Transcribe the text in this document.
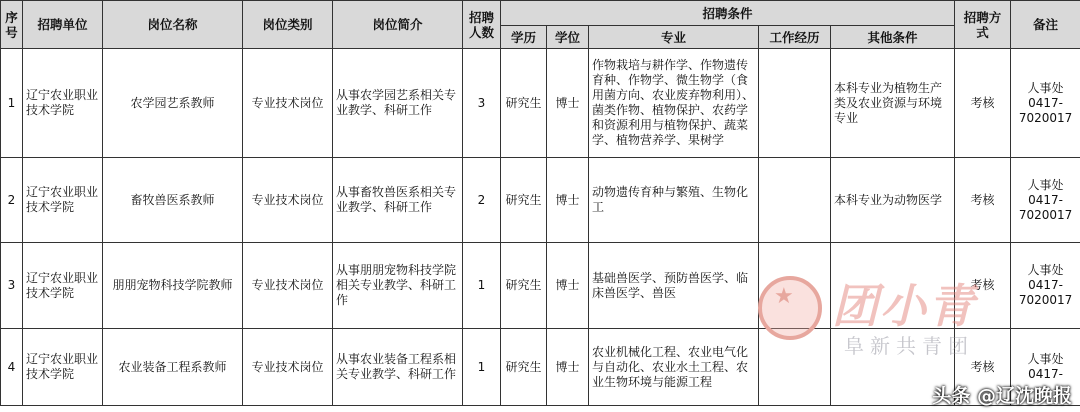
序号	招聘单位	岗位名称	岗位类别	岗位简介	招聘人数	招聘条件					招聘方式	备注
						学历	学位	专业	工作经历	其他条件		
1	辽宁农业职业技术学院	农学园艺系教师	专业技术岗位	从事农学园艺系相关专业教学、科研工作	3	研究生	博士	作物栽培与耕作学、作物遗传育种、作物学、微生物学（食用菌方向、农业废弃物利用）、菌类作物、植物保护、农药学和资源利用与植物保护、蔬菜学、植物营养学、果树学		本科专业为植物生产类及农业资源与环境专业	考核	人事处 0417-7020017
2	辽宁农业职业技术学院	畜牧兽医系教师	专业技术岗位	从事畜牧兽医系相关专业教学、科研工作	2	研究生	博士	动物遗传育种与繁殖、生物化工		本科专业为动物医学	考核	人事处 0417-7020017
3	辽宁农业职业技术学院	朋朋宠物科技学院教师	专业技术岗位	从事朋朋宠物科技学院相关专业教学、科研工作	1	研究生	博士	基础兽医学、预防兽医学、临床兽医学、兽医			考核	人事处 0417-7020017
4	辽宁农业职业技术学院	农业装备工程系教师	专业技术岗位	从事农业装备工程系相关专业教学、科研工作	1	研究生	博士	农业机械化工程、农业电气化与自动化、农业水土工程、农业生物环境与能源工程			考核	人事处 0417-
★ 团小青
阜新共青团
头条 @辽沈晚报
